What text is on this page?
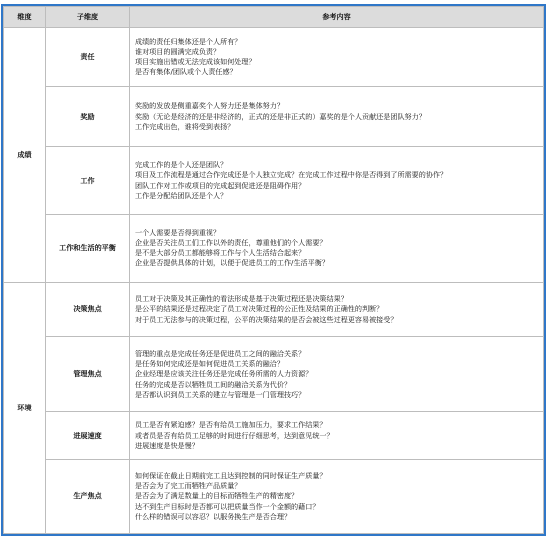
维度	子维度	参考内容
成绩	责任	成绩的责任归集体还是个人所有？
谁对项目的圆满完成负责？
项目实施出错或无法完成该如何处理？
是否有集体/团队或个人责任感？

	奖励	奖励的发放是侧重嘉奖个人努力还是集体努力？
奖励（无论是经济的还是非经济的，正式的还是非正式的）嘉奖的是个人贡献还是团队努力？
工作完成出色，谁将受到表扬？

	工作	完成工作的是个人还是团队？
项目及工作流程是通过合作完成还是个人独立完成？在完成工作过程中你是否得到了所需要的协作？
团队工作对工作或项目的完成起到促进还是阻碍作用？
工作是分配给团队还是个人？

	工作和生活的平衡	一个人需要是否得到重视？
企业是否关注员工们工作以外的责任，尊重他们的个人需要？
是不是大部分员工都能够将工作与个人生活结合起来？
企业是否提供具体的计划，以便于促进员工的工作/生活平衡？

环境	决策焦点	员工对于决策及其正确性的看法形成是基于决策过程还是决策结果？
是公平的结果还是过程决定了员工对决策过程的公正性及结果的正确性的判断？
对于员工无法参与的决策过程，公平的决策结果的是否会被这些过程更容易被接受？

	管理焦点	管理的重点是完成任务还是促进员工之间的融洽关系？
是任务如何完成还是如何促进员工关系的融洽？
企业经理是应该关注任务还是完成任务所需的人力资源？
任务的完成是否以牺牲员工间的融洽关系为代价？
是否都认识到员工关系的建立与管理是一门管理技巧？

	进展速度	员工是否有紧迫感？是否有给员工施加压力，要求工作结果？
或者员是否有给员工足够的时间进行仔细思考，达到意见统一？
进展速度是快是慢？

	生产焦点	如何保证在截止日期前完工且达到控制的同时保证生产质量？
是否会为了完工而牺牲产品质量？
是否会为了满足数量上的目标而牺牲生产的精密度？
达不到生产目标时是否都可以把质量当作一个金额的藉口？
什么样的错误可以容忍？以服务换生产是否合理？
